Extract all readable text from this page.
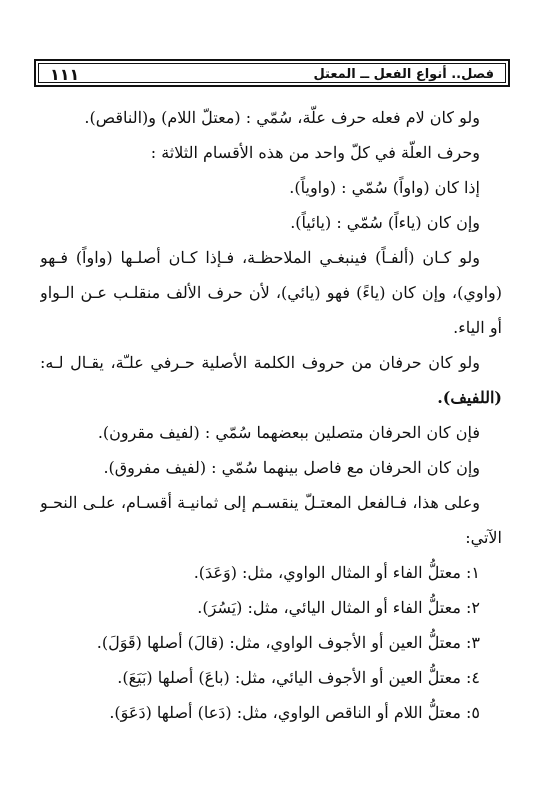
فصل.. أنواع الفعل ــ المعتل
١١١
ولو كان لام فعله حرف علّة، سُمّي : (معتلّ اللام) و(الناقص).
وحرف العلّة في كلّ واحد من هذه الأقسام الثلاثة :
إذا كان (واواً) سُمّي : (واوياً).
وإن كان (ياءاً) سُمّي : (يائياً).
ولو كـان (ألفـاً) فينبغـي الملاحظـة، فـإذا كـان أصلـها (واواً) فـهو
(واوي)، وإن كان (ياءً) فهو (يائي)، لأن حرف الألف منقلـب عـن الـواو
أو الياء.
ولو كان حرفان من حروف الكلمة الأصلية حـرفي علـّة، يقـال لـه:
(اللفيف).
فإن كان الحرفان متصلين ببعضهما سُمّي : (لفيف مقرون).
وإن كان الحرفان مع فاصل بينهما سُمّي : (لفيف مفروق).
وعلى هذا، فـالفعل المعتـلّ ينقسـم إلى ثمانيـة أقسـام، علـى النحـو
الآتي:
١: معتلُّ الفاء أو المثال الواوي، مثل: (وَعَدَ).
٢: معتلُّ الفاء أو المثال اليائي، مثل: (يَسُرَ).
٣: معتلُّ العين أو الأجوف الواوي، مثل: (قالَ) أصلها (قَوَلَ).
٤: معتلُّ العين أو الأجوف اليائي، مثل: (باعَ) أصلها (بَيَعَ).
٥: معتلُّ اللام أو الناقص الواوي، مثل: (دَعا) أصلها (دَعَوَ).
